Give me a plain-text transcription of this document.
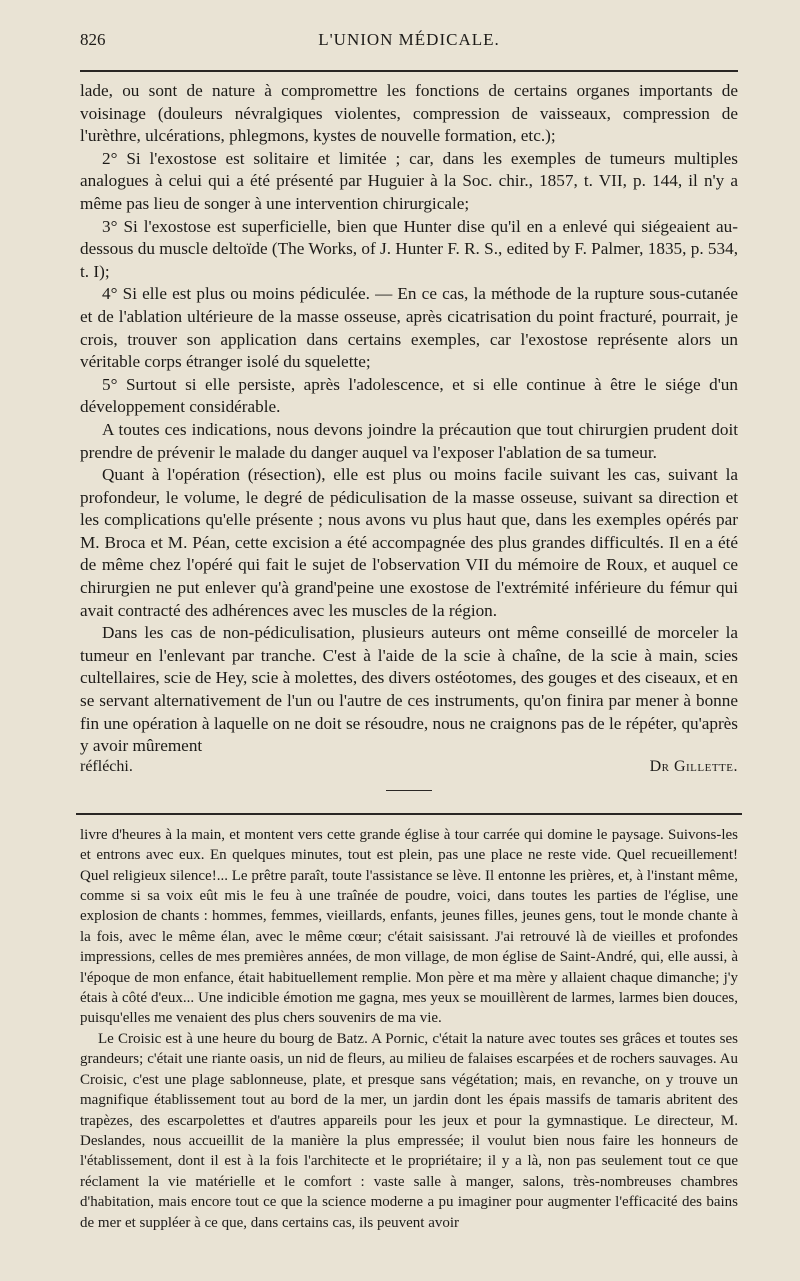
826	L'UNION MÉDICALE.

lade, ou sont de nature à compromettre les fonctions de certains organes importants de voisinage (douleurs névralgiques violentes, compression de vaisseaux, compression de l'urèthre, ulcérations, phlegmons, kystes de nouvelle formation, etc.);

2° Si l'exostose est solitaire et limitée ; car, dans les exemples de tumeurs multiples analogues à celui qui a été présenté par Huguier à la Soc. chir., 1857, t. VII, p. 144, il n'y a même pas lieu de songer à une intervention chirurgicale;

3° Si l'exostose est superficielle, bien que Hunter dise qu'il en a enlevé qui siégeaient au-dessous du muscle deltoïde (The Works, of J. Hunter F. R. S., edited by F. Palmer, 1835, p. 534, t. I);

4° Si elle est plus ou moins pédiculée. — En ce cas, la méthode de la rupture sous-cutanée et de l'ablation ultérieure de la masse osseuse, après cicatrisation du point fracturé, pourrait, je crois, trouver son application dans certains exemples, car l'exostose représente alors un véritable corps étranger isolé du squelette;

5° Surtout si elle persiste, après l'adolescence, et si elle continue à être le siége d'un développement considérable.

A toutes ces indications, nous devons joindre la précaution que tout chirurgien prudent doit prendre de prévenir le malade du danger auquel va l'exposer l'ablation de sa tumeur.

Quant à l'opération (résection), elle est plus ou moins facile suivant les cas, suivant la profondeur, le volume, le degré de pédiculisation de la masse osseuse, suivant sa direction et les complications qu'elle présente ; nous avons vu plus haut que, dans les exemples opérés par M. Broca et M. Péan, cette excision a été accompagnée des plus grandes difficultés. Il en a été de même chez l'opéré qui fait le sujet de l'observation VII du mémoire de Roux, et auquel ce chirurgien ne put enlever qu'à grand'peine une exostose de l'extrémité inférieure du fémur qui avait contracté des adhérences avec les muscles de la région.

Dans les cas de non-pédiculisation, plusieurs auteurs ont même conseillé de morceler la tumeur en l'enlevant par tranche. C'est à l'aide de la scie à chaîne, de la scie à main, scies cultellaires, scie de Hey, scie à molettes, des divers ostéotomes, des gouges et des ciseaux, et en se servant alternativement de l'un ou l'autre de ces instruments, qu'on finira par mener à bonne fin une opération à laquelle on ne doit se résoudre, nous ne craignons pas de le répéter, qu'après y avoir mûrement

réfléchi.	Dr Gillette.

livre d'heures à la main, et montent vers cette grande église à tour carrée qui domine le paysage. Suivons-les et entrons avec eux. En quelques minutes, tout est plein, pas une place ne reste vide. Quel recueillement! Quel religieux silence!... Le prêtre paraît, toute l'assistance se lève. Il entonne les prières, et, à l'instant même, comme si sa voix eût mis le feu à une traînée de poudre, voici, dans toutes les parties de l'église, une explosion de chants : hommes, femmes, vieillards, enfants, jeunes filles, jeunes gens, tout le monde chante à la fois, avec le même élan, avec le même cœur; c'était saisissant. J'ai retrouvé là de vieilles et profondes impressions, celles de mes premières années, de mon village, de mon église de Saint-André, qui, elle aussi, à l'époque de mon enfance, était habituellement remplie. Mon père et ma mère y allaient chaque dimanche; j'y étais à côté d'eux... Une indicible émotion me gagna, mes yeux se mouillèrent de larmes, larmes bien douces, puisqu'elles me venaient des plus chers souvenirs de ma vie.

Le Croisic est à une heure du bourg de Batz. A Pornic, c'était la nature avec toutes ses grâces et toutes ses grandeurs; c'était une riante oasis, un nid de fleurs, au milieu de falaises escarpées et de rochers sauvages. Au Croisic, c'est une plage sablonneuse, plate, et presque sans végétation; mais, en revanche, on y trouve un magnifique établissement tout au bord de la mer, un jardin dont les épais massifs de tamaris abritent des trapèzes, des escarpolettes et d'autres appareils pour les jeux et pour la gymnastique. Le directeur, M. Deslandes, nous accueillit de la manière la plus empressée; il voulut bien nous faire les honneurs de l'établissement, dont il est à la fois l'architecte et le propriétaire; il y a là, non pas seulement tout ce que réclament la vie matérielle et le comfort : vaste salle à manger, salons, très-nombreuses chambres d'habitation, mais encore tout ce que la science moderne a pu imaginer pour augmenter l'efficacité des bains de mer et suppléer à ce que, dans certains cas, ils peuvent avoir
